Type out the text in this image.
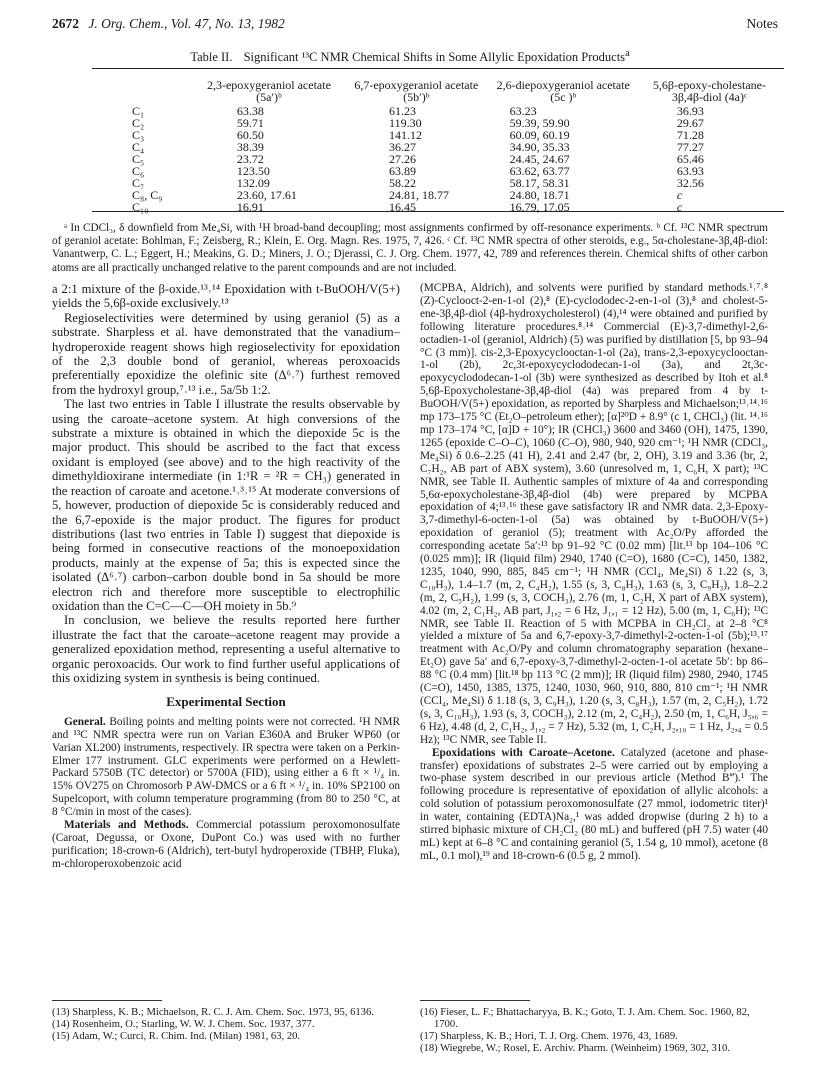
2672 J. Org. Chem., Vol. 47, No. 13, 1982	Notes
Table II. Significant ¹³C NMR Chemical Shifts in Some Allylic Epoxidation Products$^a$
	2,3-epoxygeraniol acetate (5a′)ᵇ	6,7-epoxygeraniol acetate (5b′)ᵇ	2,6-diepoxygeraniol acetate (5c )ᵇ	5,6β-epoxy-cholestane-3β,4β-diol (4a)ᶜ
C₁	63.38	61.23	63.23	36.93
C₂	59.71	119.30	59.39, 59.90	29.67
C₃	60.50	141.12	60.09, 60.19	71.28
C₄	38.39	36.27	34.90, 35.33	77.27
C₅	23.72	27.26	24.45, 24.67	65.46
C₆	123.50	63.89	63.62, 63.77	63.93
C₇	132.09	58.22	58.17, 58.31	32.56
C₈, C₉	23.60, 17.61	24.81, 18.77	24.80, 18.71	c
C₁₀	16.91	16.45	16.79, 17.05	c

ᵃ In CDCl₃, δ downfield from Me₄Si, with ¹H broad-band decoupling; most assignments confirmed by off-resonance experiments. ᵇ Cf. ¹³C NMR spectrum of geraniol acetate: Bohlman, F.; Zeisberg, R.; Klein, E. Org. Magn. Res. 1975, 7, 426. ᶜ Cf. ¹³C NMR spectra of other steroids, e.g., 5α-cholestane-3β,4β-diol: Vanantwerp, C. L.; Eggert, H.; Meakins, G. D.; Miners, J. O.; Djerassi, C. J. Org. Chem. 1977, 42, 789 and references therein. Chemical shifts of other carbon atoms are all practically unchanged relative to the parent compounds and are not included.

a 2:1 mixture of the β-oxide.¹³˒¹⁴ Epoxidation with t-BuOOH/V(5+) yields the 5,6β-oxide exclusively.¹³

Regioselectivities were determined by using geraniol (5) as a substrate. Sharpless et al. have demonstrated that the vanadium–hydroperoxide reagent shows high regioselectivity for epoxidation of the 2,3 double bond of geraniol, whereas peroxoacids preferentially epoxidize the olefinic site (Δ⁶˒⁷) furthest removed from the hydroxyl group,⁷˒¹³ i.e., 5a/5b 1:2.

The last two entries in Table I illustrate the results observable by using the caroate–acetone system. At high conversions of the substrate a mixture is obtained in which the diepoxide 5c is the major product. This should be ascribed to the fact that excess oxidant is employed (see above) and to the high reactivity of the dimethyldioxirane intermediate (in 1:¹R = ²R = CH₃) generated in the reaction of caroate and acetone.¹˒³˒¹⁵ At moderate conversions of 5, however, production of diepoxide 5c is considerably reduced and the 6,7-epoxide is the major product. The figures for product distributions (last two entries in Table I) suggest that diepoxide is being formed in consecutive reactions of the monoepoxidation products, mainly at the expense of 5a; this is expected since the isolated (Δ⁶˒⁷) carbon–carbon double bond in 5a should be more electron rich and therefore more susceptible to electrophilic oxidation than the C=C—C—OH moiety in 5b.⁹

In conclusion, we believe the results reported here further illustrate the fact that the caroate–acetone reagent may provide a generalized epoxidation method, representing a useful alternative to organic peroxoacids. Our work to find further useful applications of this oxidizing system in synthesis is being continued.

Experimental Section

General. Boiling points and melting points were not corrected. ¹H NMR and ¹³C NMR spectra were run on Varian E360A and Bruker WP60 (or Varian XL200) instruments, respectively. IR spectra were taken on a Perkin-Elmer 177 instrument. GLC experiments were performed on a Hewlett-Packard 5750B (TC detector) or 5700A (FID), using either a 6 ft × ¹/₄ in. 15% OV275 on Chromosorb P AW-DMCS or a 6 ft × ¹/₄ in. 10% SP2100 on Supelcoport, with column temperature programming (from 80 to 250 °C, at 8 °C/min in most of the cases).

Materials and Methods. Commercial potassium peroxomonosulfate (Caroat, Degussa, or Oxone, DuPont Co.) was used with no further purification; 18-crown-6 (Aldrich), tert-butyl hydroperoxide (TBHP, Fluka), m-chloroperoxobenzoic acid

(MCPBA, Aldrich), and solvents were purified by standard methods.¹˒⁷˒⁸ (Z)-Cyclooct-2-en-1-ol (2),⁸ (E)-cyclododec-2-en-1-ol (3),⁸ and cholest-5-ene-3β,4β-diol (4β-hydroxycholesterol) (4),¹⁴ were obtained and purified by following literature procedures.⁸˒¹⁴ Commercial (E)-3,7-dimethyl-2,6-octadien-1-ol (geraniol, Aldrich) (5) was purified by distillation [5, bp 93–94 °C (3 mm)]. cis-2,3-Epoxycyclooctan-1-ol (2a), trans-2,3-epoxycyclooctan-1-ol (2b), 2c,3t-epoxycyclododecan-1-ol (3a), and 2t,3c-epoxycyclododecan-1-ol (3b) were synthesized as described by Itoh et al.⁸ 5,6β-Epoxycholestane-3β,4β-diol (4a) was prepared from 4 by t-BuOOH/V(5+) epoxidation, as reported by Sharpless and Michaelson;¹³˒¹⁴˒¹⁶ mp 173–175 °C (Et₂O–petroleum ether); [α]²⁰D + 8.9° (c 1, CHCl₃) (lit. ¹⁴˒¹⁶ mp 173–174 °C, [α]D + 10°); IR (CHCl₃) 3600 and 3460 (OH), 1475, 1390, 1265 (epoxide C–O–C), 1060 (C–O), 980, 940, 920 cm⁻¹; ¹H NMR (CDCl₃, Me₄Si) δ 0.6–2.25 (41 H), 2.41 and 2.47 (br, 2, OH), 3.19 and 3.36 (br, 2, C₇H₂, AB part of ABX system), 3.60 (unresolved m, 1, C₆H, X part); ¹³C NMR, see Table II. Authentic samples of mixture of 4a and corresponding 5,6α-epoxycholestane-3β,4β-diol (4b) were prepared by MCPBA epoxidation of 4;¹³˒¹⁶ these gave satisfactory IR and NMR data. 2,3-Epoxy-3,7-dimethyl-6-octen-1-ol (5a) was obtained by t-BuOOH/V(5+) epoxidation of geraniol (5); treatment with Ac₂O/Py afforded the corresponding acetate 5a′:¹³ bp 91–92 °C (0.02 mm) [lit.¹³ bp 104–106 °C (0.025 mm)]; IR (liquid film) 2940, 1740 (C=O), 1680 (C=C), 1450, 1382, 1235, 1040, 990, 885, 845 cm⁻¹; ¹H NMR (CCl₄, Me₄Si) δ 1.22 (s, 3, C₁₀H₃), 1.4–1.7 (m, 2, C₄H₂), 1.55 (s, 3, C₈H₃), 1.63 (s, 3, C₉H₃), 1.8–2.2 (m, 2, C₅H₂), 1.99 (s, 3, COCH₃), 2.76 (m, 1, C₂H, X part of ABX system), 4.02 (m, 2, C₁H₂, AB part, J₁,₂ = 6 Hz, J₁,₁ = 12 Hz), 5.00 (m, 1, C₆H); ¹³C NMR, see Table II. Reaction of 5 with MCPBA in CH₂Cl₂ at 2–8 °C⁸ yielded a mixture of 5a and 6,7-epoxy-3,7-dimethyl-2-octen-1-ol (5b);¹³˒¹⁷ treatment with Ac₂O/Py and column chromatography separation (hexane–Et₂O) gave 5a′ and 6,7-epoxy-3,7-dimethyl-2-octen-1-ol acetate 5b′: bp 86–88 °C (0.4 mm) [lit.¹⁸ bp 113 °C (2 mm)]; IR (liquid film) 2980, 2940, 1745 (C=O), 1450, 1385, 1375, 1240, 1030, 960, 910, 880, 810 cm⁻¹; ¹H NMR (CCl₄, Me₄Si) δ 1.18 (s, 3, C₉H₃), 1.20 (s, 3, C₈H₃), 1.57 (m, 2, C₅H₂), 1.72 (s, 3, C₁₀H₃), 1.93 (s, 3, COCH₃), 2.12 (m, 2, C₄H₂), 2.50 (m, 1, C₆H, J₅,₆ = 6 Hz), 4.48 (d, 2, C₁H₂, J₁,₂ = 7 Hz), 5.32 (m, 1, C₂H, J₂,₁₀ = 1 Hz, J₂,₄ = 0.5 Hz); ¹³C NMR, see Table II.

Epoxidations with Caroate–Acetone. Catalyzed (acetone and phase-transfer) epoxidations of substrates 2–5 were carried out by employing a two-phase system described in our previous article (Method B‴).¹ The following procedure is representative of epoxidation of allylic alcohols: a cold solution of potassium peroxomonosulfate (27 mmol, iodometric titer)¹ in water, containing (EDTA)Na₂,¹ was added dropwise (during 2 h) to a stirred biphasic mixture of CH₂Cl₂ (80 mL) and buffered (pH 7.5) water (40 mL) kept at 6–8 °C and containing geraniol (5, 1.54 g, 10 mmol), acetone (8 mL, 0.1 mol),¹⁹ and 18-crown-6 (0.5 g, 2 mmol).

(13) Sharpless, K. B.; Michaelson, R. C. J. Am. Chem. Soc. 1973, 95, 6136.

(14) Rosenheim, O.; Starling, W. W. J. Chem. Soc. 1937, 377.

(15) Adam, W.; Curci, R. Chim. Ind. (Milan) 1981, 63, 20.

(16) Fieser, L. F.; Bhattacharyya, B. K.; Goto, T. J. Am. Chem. Soc. 1960, 82, 1700.

(17) Sharpless, K. B.; Hori, T. J. Org. Chem. 1976, 43, 1689.

(18) Wiegrebe, W.; Rosel, E. Archiv. Pharm. (Weinheim) 1969, 302, 310.
